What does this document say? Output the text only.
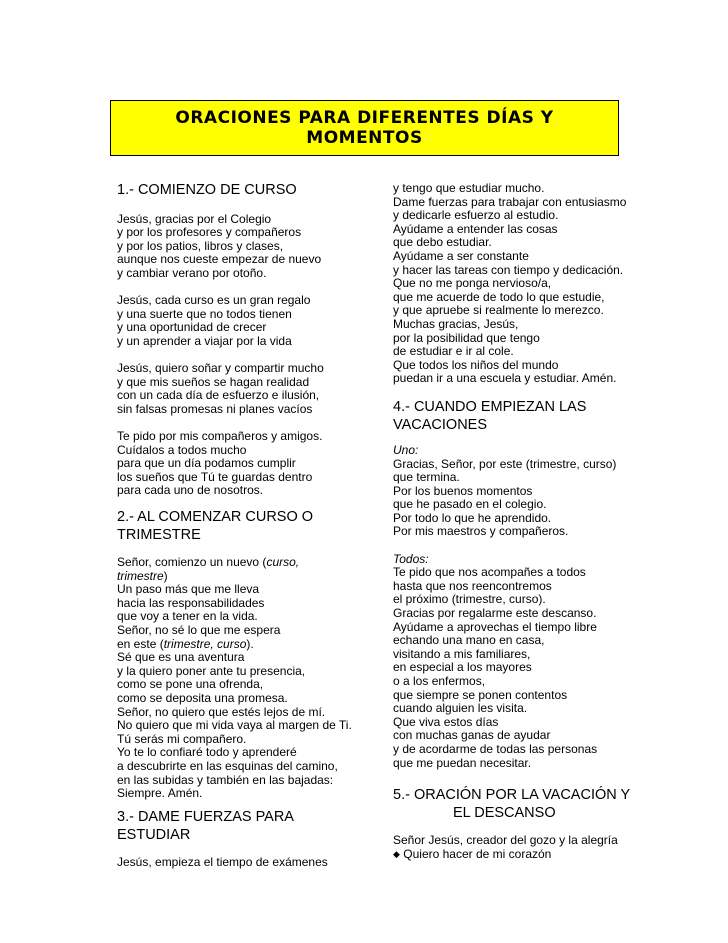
ORACIONES PARA DIFERENTES DÍAS Y
MOMENTOS
1.- COMIENZO DE CURSO
Jesús, gracias por el Colegio
y por los profesores y compañeros
y por los patios, libros y clases,
aunque nos cueste empezar de nuevo
y cambiar verano por otoño.
Jesús, cada curso es un gran regalo
y una suerte que no todos tienen
y una oportunidad de crecer
y un aprender a viajar por la vida
Jesús, quiero soñar y compartir mucho
y que mis sueños se hagan realidad
con un cada día de esfuerzo e ilusión,
sin falsas promesas ni planes vacíos
Te pido por mis compañeros y amigos.
Cuídalos a todos mucho
para que un día podamos cumplir
los sueños que Tú te guardas dentro
para cada uno de nosotros.
2.- AL COMENZAR CURSO O
TRIMESTRE
Señor, comienzo un nuevo (curso,
trimestre)
Un paso más que me lleva
hacia las responsabilidades
que voy a tener en la vida.
Señor, no sé lo que me espera
en este (trimestre, curso).
Sé que es una aventura
y la quiero poner ante tu presencia,
como se pone una ofrenda,
como se deposita una promesa.
Señor, no quiero que estés lejos de mí.
No quiero que mi vida vaya al margen de Ti.
Tú serás mi compañero.
Yo te lo confiaré todo y aprenderé
a descubrirte en las esquinas del camino,
en las subidas y también en las bajadas:
Siempre. Amén.
3.- DAME FUERZAS PARA
ESTUDIAR
Jesús, empieza el tiempo de exámenes
y tengo que estudiar mucho.
Dame fuerzas para trabajar con entusiasmo
y dedicarle esfuerzo al estudio.
Ayúdame a entender las cosas
que debo estudiar.
Ayúdame a ser constante
y hacer las tareas con tiempo y dedicación.
Que no me ponga nervioso/a,
que me acuerde de todo lo que estudie,
y que apruebe si realmente lo merezco.
Muchas gracias, Jesús,
por la posibilidad que tengo
de estudiar e ir al cole.
Que todos los niños del mundo
puedan ir a una escuela y estudiar. Amén.
4.- CUANDO EMPIEZAN LAS
VACACIONES
Uno:
Gracias, Señor, por este (trimestre, curso)
que termina.
Por los buenos momentos
que he pasado en el colegio.
Por todo lo que he aprendido.
Por mis maestros y compañeros.
Todos:
Te pido que nos acompañes a todos
hasta que nos reencontremos
el próximo (trimestre, curso).
Gracias por regalarme este descanso.
Ayúdame a aprovechas el tiempo libre
echando una mano en casa,
visitando a mis familiares,
en especial a los mayores
o a los enfermos,
que siempre se ponen contentos
cuando alguien les visita.
Que viva estos días
con muchas ganas de ayudar
y de acordarme de todas las personas
que me puedan necesitar.
5.- ORACIÓN POR LA VACACIÓN Y
EL DESCANSO
Señor Jesús, creador del gozo y la alegría
◆ Quiero hacer de mi corazón
